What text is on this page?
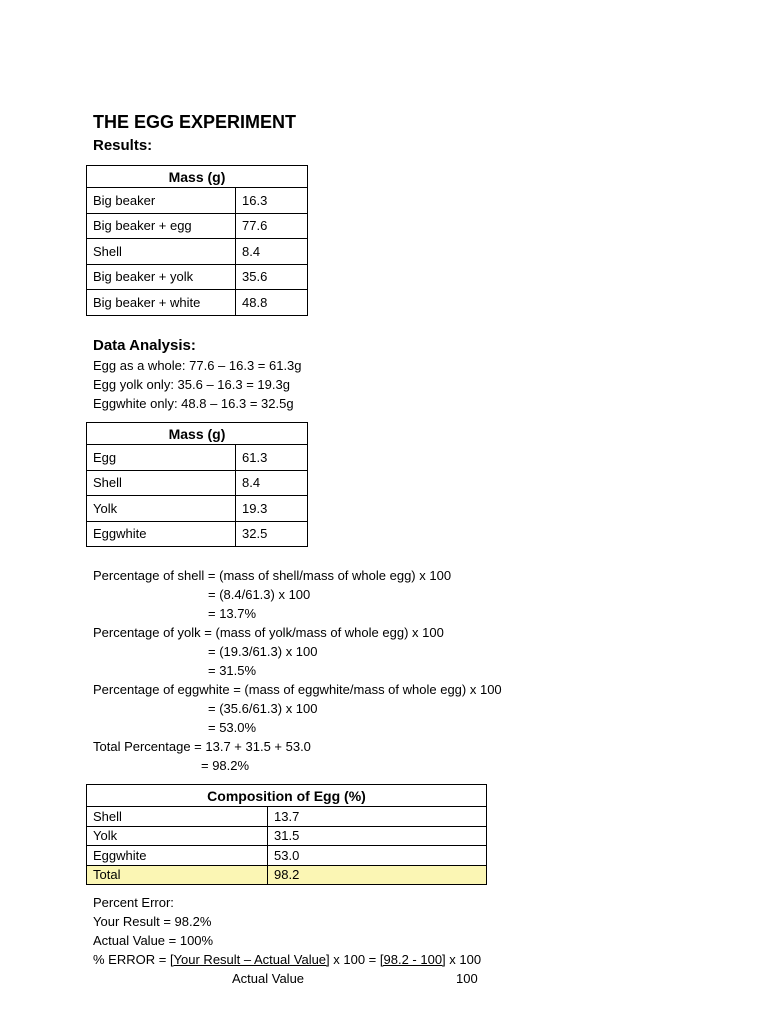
THE EGG EXPERIMENT
Results:
Mass (g)	
Big beaker	16.3
Big beaker + egg	77.6
Shell	8.4
Big beaker + yolk	35.6
Big beaker + white	48.8
Data Analysis:
Egg as a whole: 77.6 – 16.3 = 61.3g
Egg yolk only: 35.6 – 16.3 = 19.3g
Eggwhite only: 48.8 – 16.3 = 32.5g
Mass (g)	
Egg	61.3
Shell	8.4
Yolk	19.3
Eggwhite	32.5
Percentage of shell = (mass of shell/mass of whole egg) x 100
= (8.4/61.3) x 100
= 13.7%
Percentage of yolk = (mass of yolk/mass of whole egg) x 100
= (19.3/61.3) x 100
= 31.5%
Percentage of eggwhite = (mass of eggwhite/mass of whole egg) x 100
= (35.6/61.3) x 100
= 53.0%
Total Percentage = 13.7 + 31.5 + 53.0
= 98.2%
Composition of Egg (%)	
Shell	13.7
Yolk	31.5
Eggwhite	53.0
Total	98.2
Percent Error:
Your Result = 98.2%
Actual Value = 100%
% ERROR = [Your Result – Actual Value] x 100 = [98.2 - 100] x 100
Actual Value	100
